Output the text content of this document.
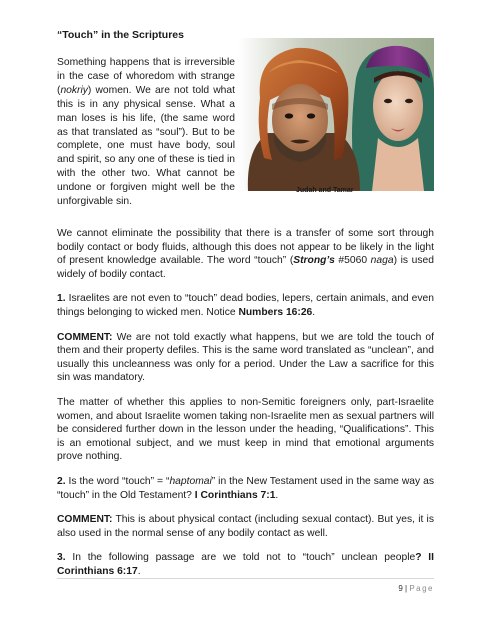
“Touch” in the Scriptures

Something happens that is irreversible in the case of whoredom with strange (nokriy) women. We are not told what this is in any physical sense. What a man loses is his life, (the same word as that translated as “soul”). But to be complete, one must have body, soul and spirit, so any one of these is tied in with the other two. What cannot be undone or forgiven might well be the unforgivable sin.

Judah and Tamar

We cannot eliminate the possibility that there is a transfer of some sort through bodily contact or body fluids, although this does not appear to be likely in the light of present knowledge available. The word “touch” (Strong’s #5060 naga) is used widely of bodily contact.

1. Israelites are not even to “touch” dead bodies, lepers, certain animals, and even things belonging to wicked men. Notice Numbers 16:26.

COMMENT: We are not told exactly what happens, but we are told the touch of them and their property defiles. This is the same word translated as “unclean”, and usually this uncleanness was only for a period. Under the Law a sacrifice for this sin was mandatory.

The matter of whether this applies to non-Semitic foreigners only, part-Israelite women, and about Israelite women taking non-Israelite men as sexual partners will be considered further down in the lesson under the heading, “Qualifications”. This is an emotional subject, and we must keep in mind that emotional arguments prove nothing.

2. Is the word “touch” = “haptomai” in the New Testament used in the same way as “touch” in the Old Testament? I Corinthians 7:1.

COMMENT: This is about physical contact (including sexual contact). But yes, it is also used in the normal sense of any bodily contact as well.

3. In the following passage are we told not to “touch” unclean people? II Corinthians 6:17.

9 | Page
